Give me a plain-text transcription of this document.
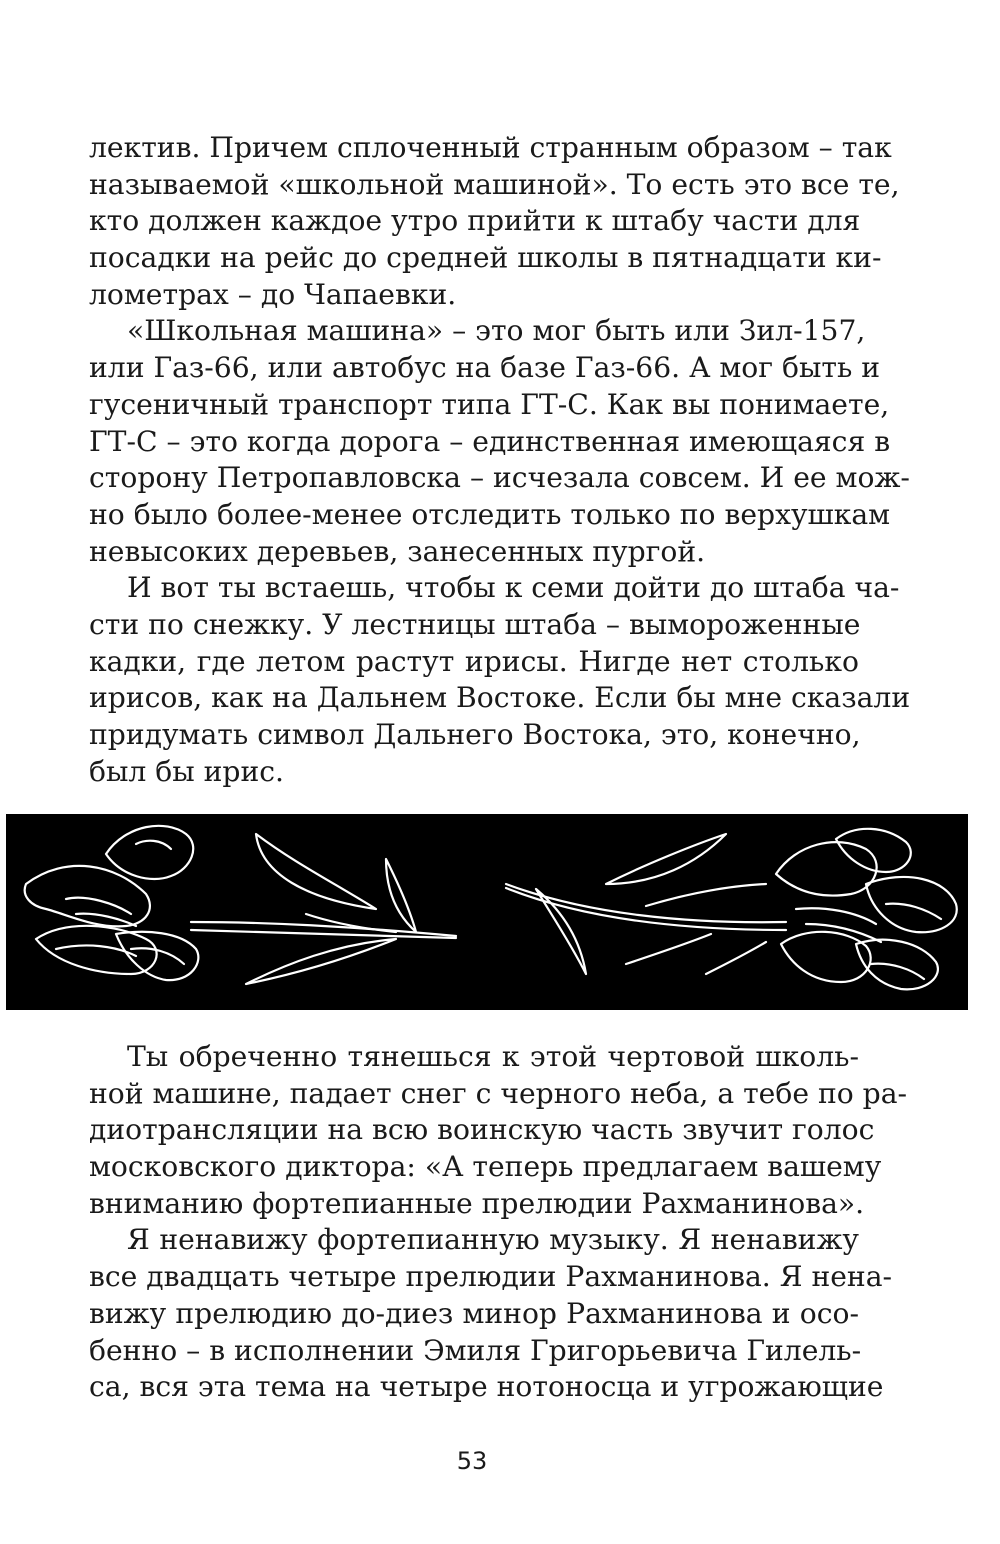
лектив. Причем сплоченный странным образом – так
называемой «школьной машиной». То есть это все те,
кто должен каждое утро прийти к штабу части для
посадки на рейс до средней школы в пятнадцати ки-
лометрах – до Чапаевки.
«Школьная машина» – это мог быть или Зил-157,
или Газ-66, или автобус на базе Газ-66. А мог быть и
гусеничный транспорт типа ГТ-С. Как вы понимаете,
ГТ-С – это когда дорога – единственная имеющаяся в
сторону Петропавловска – исчезала совсем. И ее мож-
но было более-менее отследить только по верхушкам
невысоких деревьев, занесенных пургой.
И вот ты встаешь, чтобы к семи дойти до штаба ча-
сти по снежку. У лестницы штаба – вымороженные
кадки, где летом растут ирисы. Нигде нет столько
ирисов, как на Дальнем Востоке. Если бы мне сказали
придумать символ Дальнего Востока, это, конечно,
был бы ирис.
Ты обреченно тянешься к этой чертовой школь-
ной машине, падает снег с черного неба, а тебе по ра-
диотрансляции на всю воинскую часть звучит голос
московского диктора: «А теперь предлагаем вашему
вниманию фортепианные прелюдии Рахманинова».
Я ненавижу фортепианную музыку. Я ненавижу
все двадцать четыре прелюдии Рахманинова. Я нена-
вижу прелюдию до-диез минор Рахманинова и осо-
бенно – в исполнении Эмиля Григорьевича Гилель-
са, вся эта тема на четыре нотоносца и угрожающие
53
